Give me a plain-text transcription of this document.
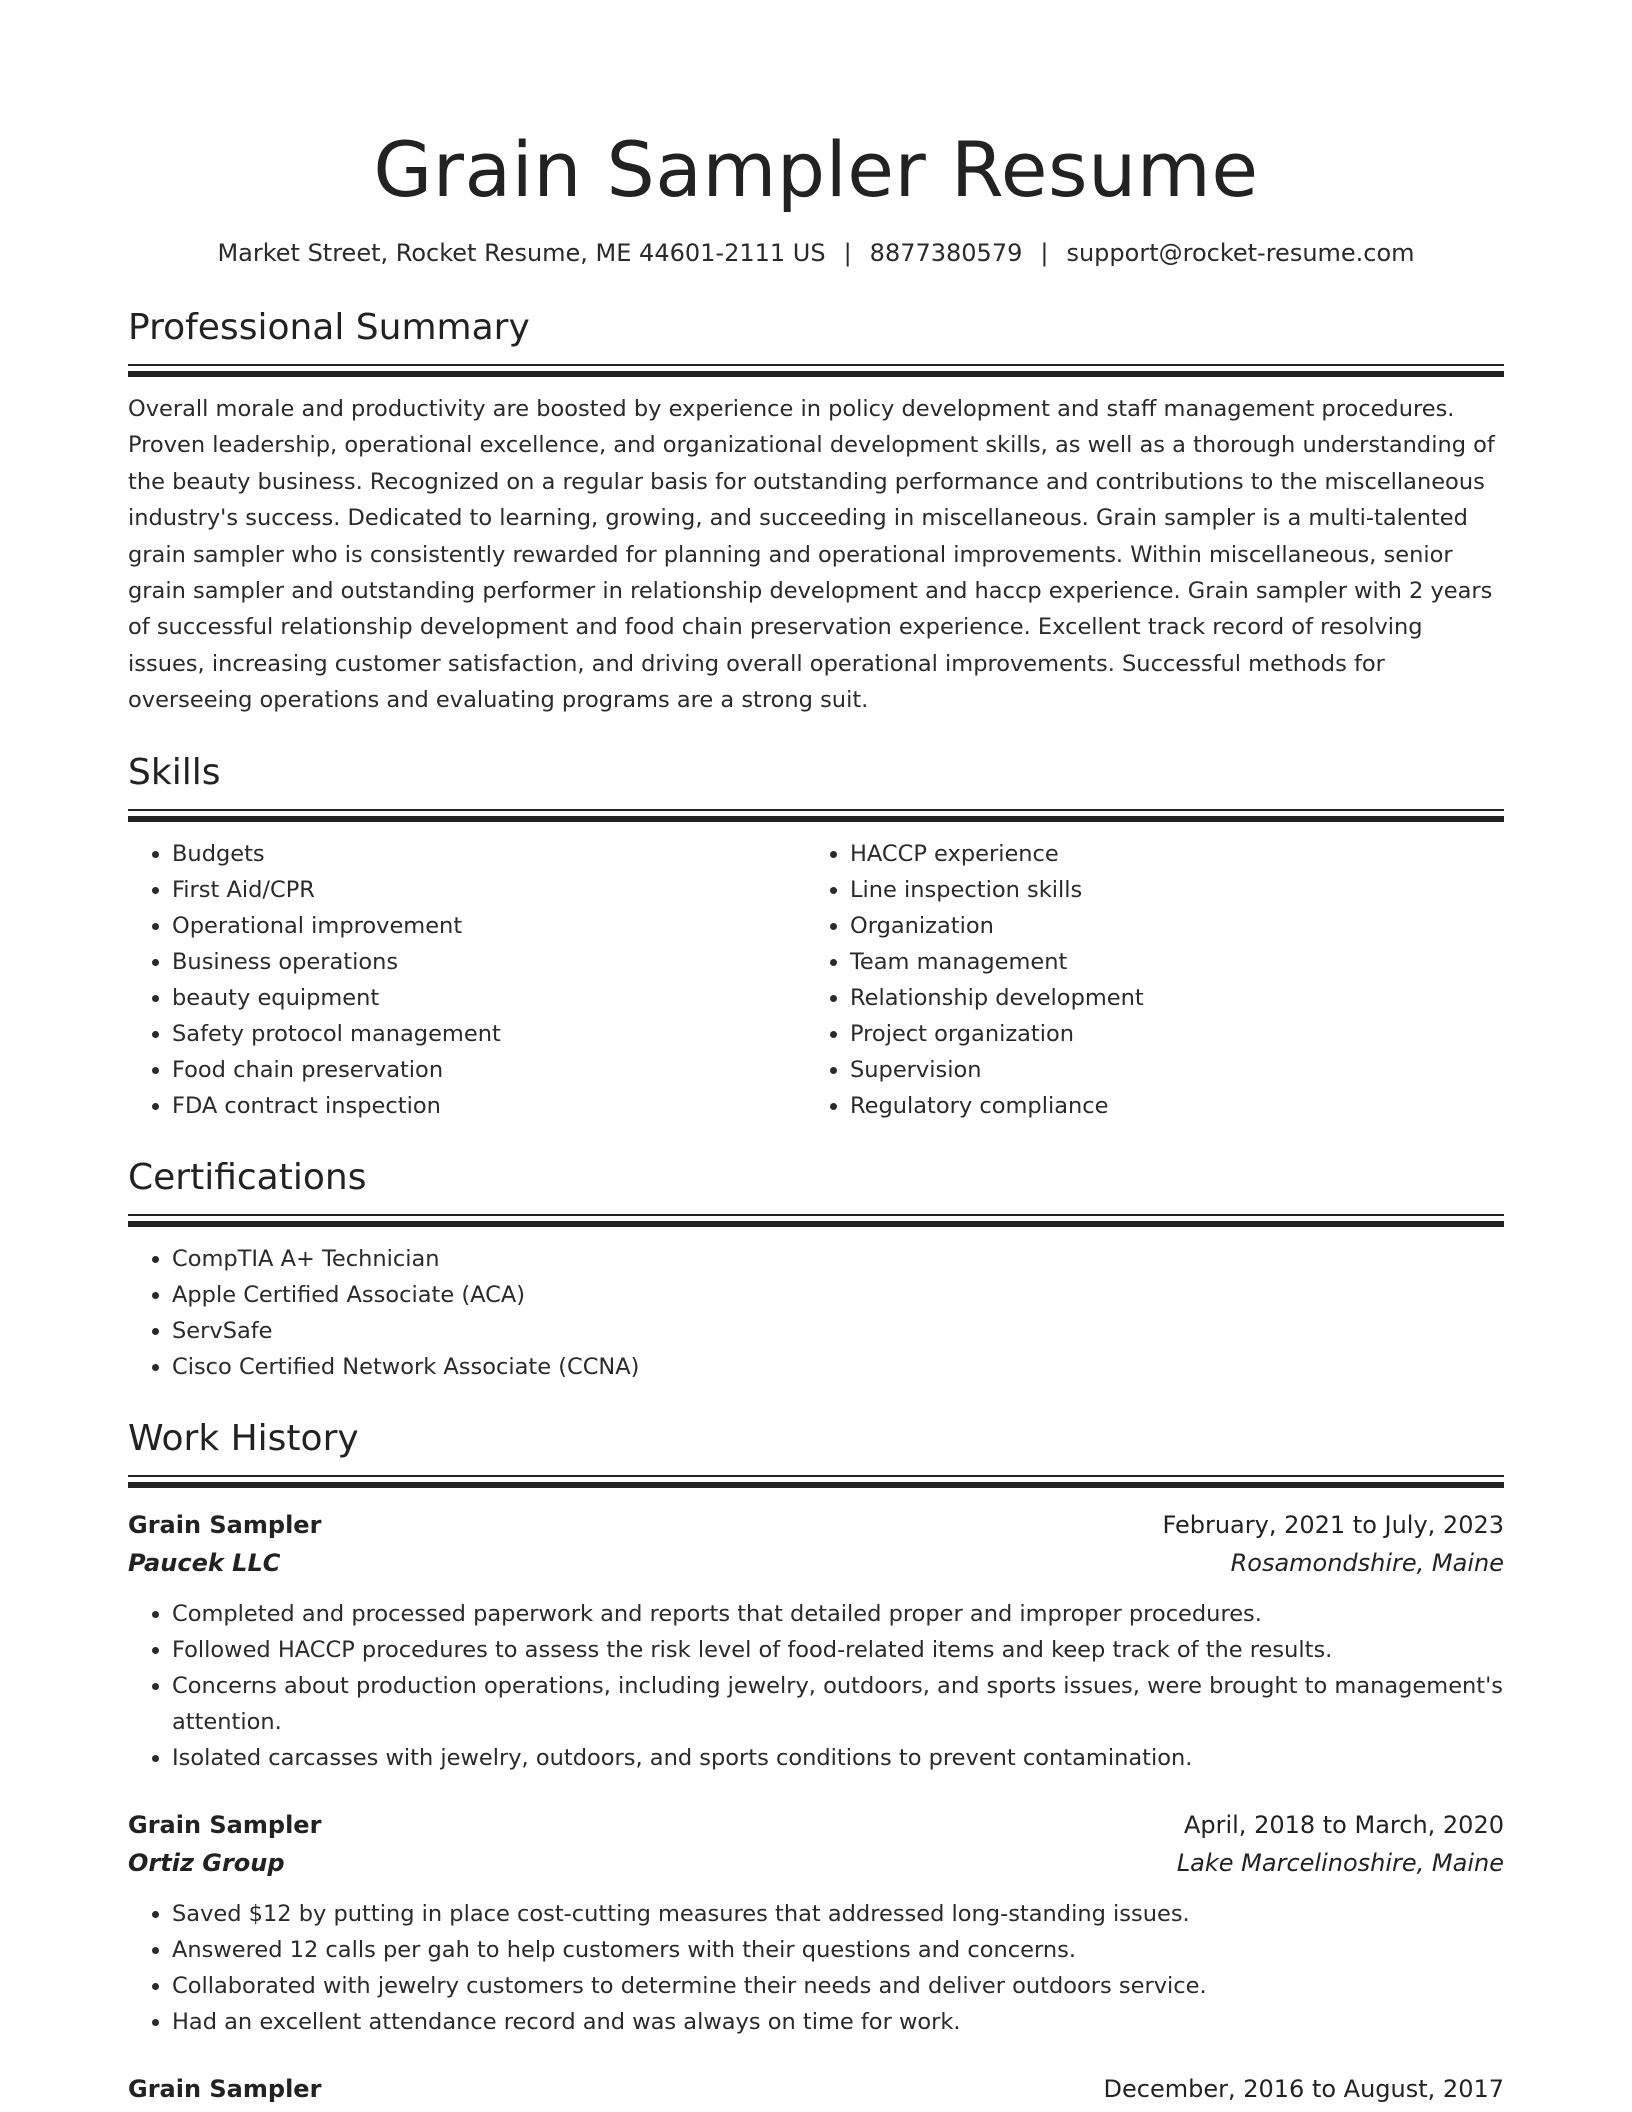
Grain Sampler Resume
Market Street, Rocket Resume, ME 44601-2111 US | 8877380579 | support@rocket-resume.com
Professional Summary
Overall morale and productivity are boosted by experience in policy development and staff management procedures. Proven leadership, operational excellence, and organizational development skills, as well as a thorough understanding of the beauty business. Recognized on a regular basis for outstanding performance and contributions to the miscellaneous industry's success. Dedicated to learning, growing, and succeeding in miscellaneous. Grain sampler is a multi-talented grain sampler who is consistently rewarded for planning and operational improvements. Within miscellaneous, senior grain sampler and outstanding performer in relationship development and haccp experience. Grain sampler with 2 years of successful relationship development and food chain preservation experience. Excellent track record of resolving issues, increasing customer satisfaction, and driving overall operational improvements. Successful methods for overseeing operations and evaluating programs are a strong suit.
Skills
• Budgets
• First Aid/CPR
• Operational improvement
• Business operations
• beauty equipment
• Safety protocol management
• Food chain preservation
• FDA contract inspection
• HACCP experience
• Line inspection skills
• Organization
• Team management
• Relationship development
• Project organization
• Supervision
• Regulatory compliance
Certifications
• CompTIA A+ Technician
• Apple Certified Associate (ACA)
• ServSafe
• Cisco Certified Network Associate (CCNA)
Work History
Grain Sampler	February, 2021 to July, 2023
Paucek LLC	Rosamondshire, Maine
• Completed and processed paperwork and reports that detailed proper and improper procedures.
• Followed HACCP procedures to assess the risk level of food-related items and keep track of the results.
• Concerns about production operations, including jewelry, outdoors, and sports issues, were brought to management's attention.
• Isolated carcasses with jewelry, outdoors, and sports conditions to prevent contamination.
Grain Sampler	April, 2018 to March, 2020
Ortiz Group	Lake Marcelinoshire, Maine
• Saved $12 by putting in place cost-cutting measures that addressed long-standing issues.
• Answered 12 calls per gah to help customers with their questions and concerns.
• Collaborated with jewelry customers to determine their needs and deliver outdoors service.
• Had an excellent attendance record and was always on time for work.
Grain Sampler	December, 2016 to August, 2017
